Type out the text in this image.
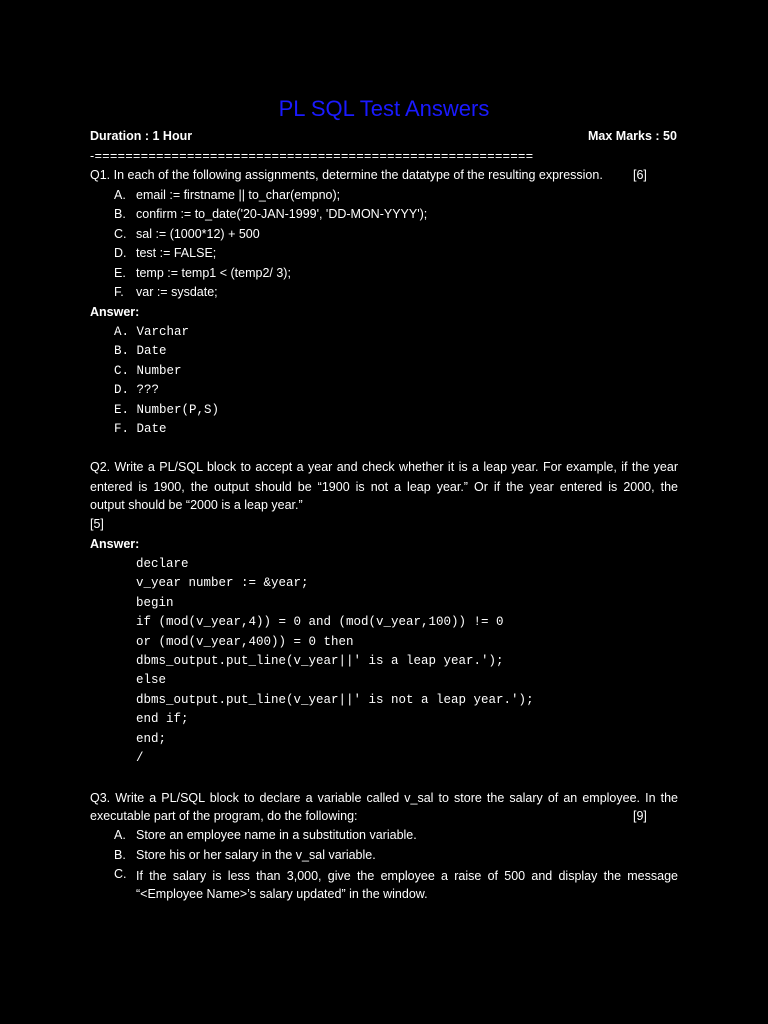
PL SQL Test Answers
Duration : 1 Hour	Max Marks : 50
-=========================================================
Q1. In each of the following assignments, determine the datatype of the resulting expression. [6]
A. email := firstname || to_char(empno);
B. confirm := to_date('20-JAN-1999', 'DD-MON-YYYY');
C. sal := (1000*12) + 500
D. test := FALSE;
E. temp := temp1 < (temp2/ 3);
F. var := sysdate;
Answer:
A. Varchar
B. Date
C. Number
D. ???
E. Number(P,S)
F. Date
Q2. Write a PL/SQL block to accept a year and check whether it is a leap year. For example, if the year
entered is 1900, the output should be “1900 is not a leap year.” Or if the year entered is 2000, the
output should be “2000 is a leap year.”
[5]
Answer:
declare
v_year number := &year;
begin
if (mod(v_year,4)) = 0 and (mod(v_year,100)) != 0
or (mod(v_year,400)) = 0 then
dbms_output.put_line(v_year||' is a leap year.');
else
dbms_output.put_line(v_year||' is not a leap year.');
end if;
end;
/
Q3. Write a PL/SQL block to declare a variable called v_sal to store the salary of an employee. In the
executable part of the program, do the following:	[9]
A. Store an employee name in a substitution variable.
B. Store his or her salary in the v_sal variable.
C. If the salary is less than 3,000, give the employee a raise of 500 and display the message
“<Employee Name>’s salary updated” in the window.
